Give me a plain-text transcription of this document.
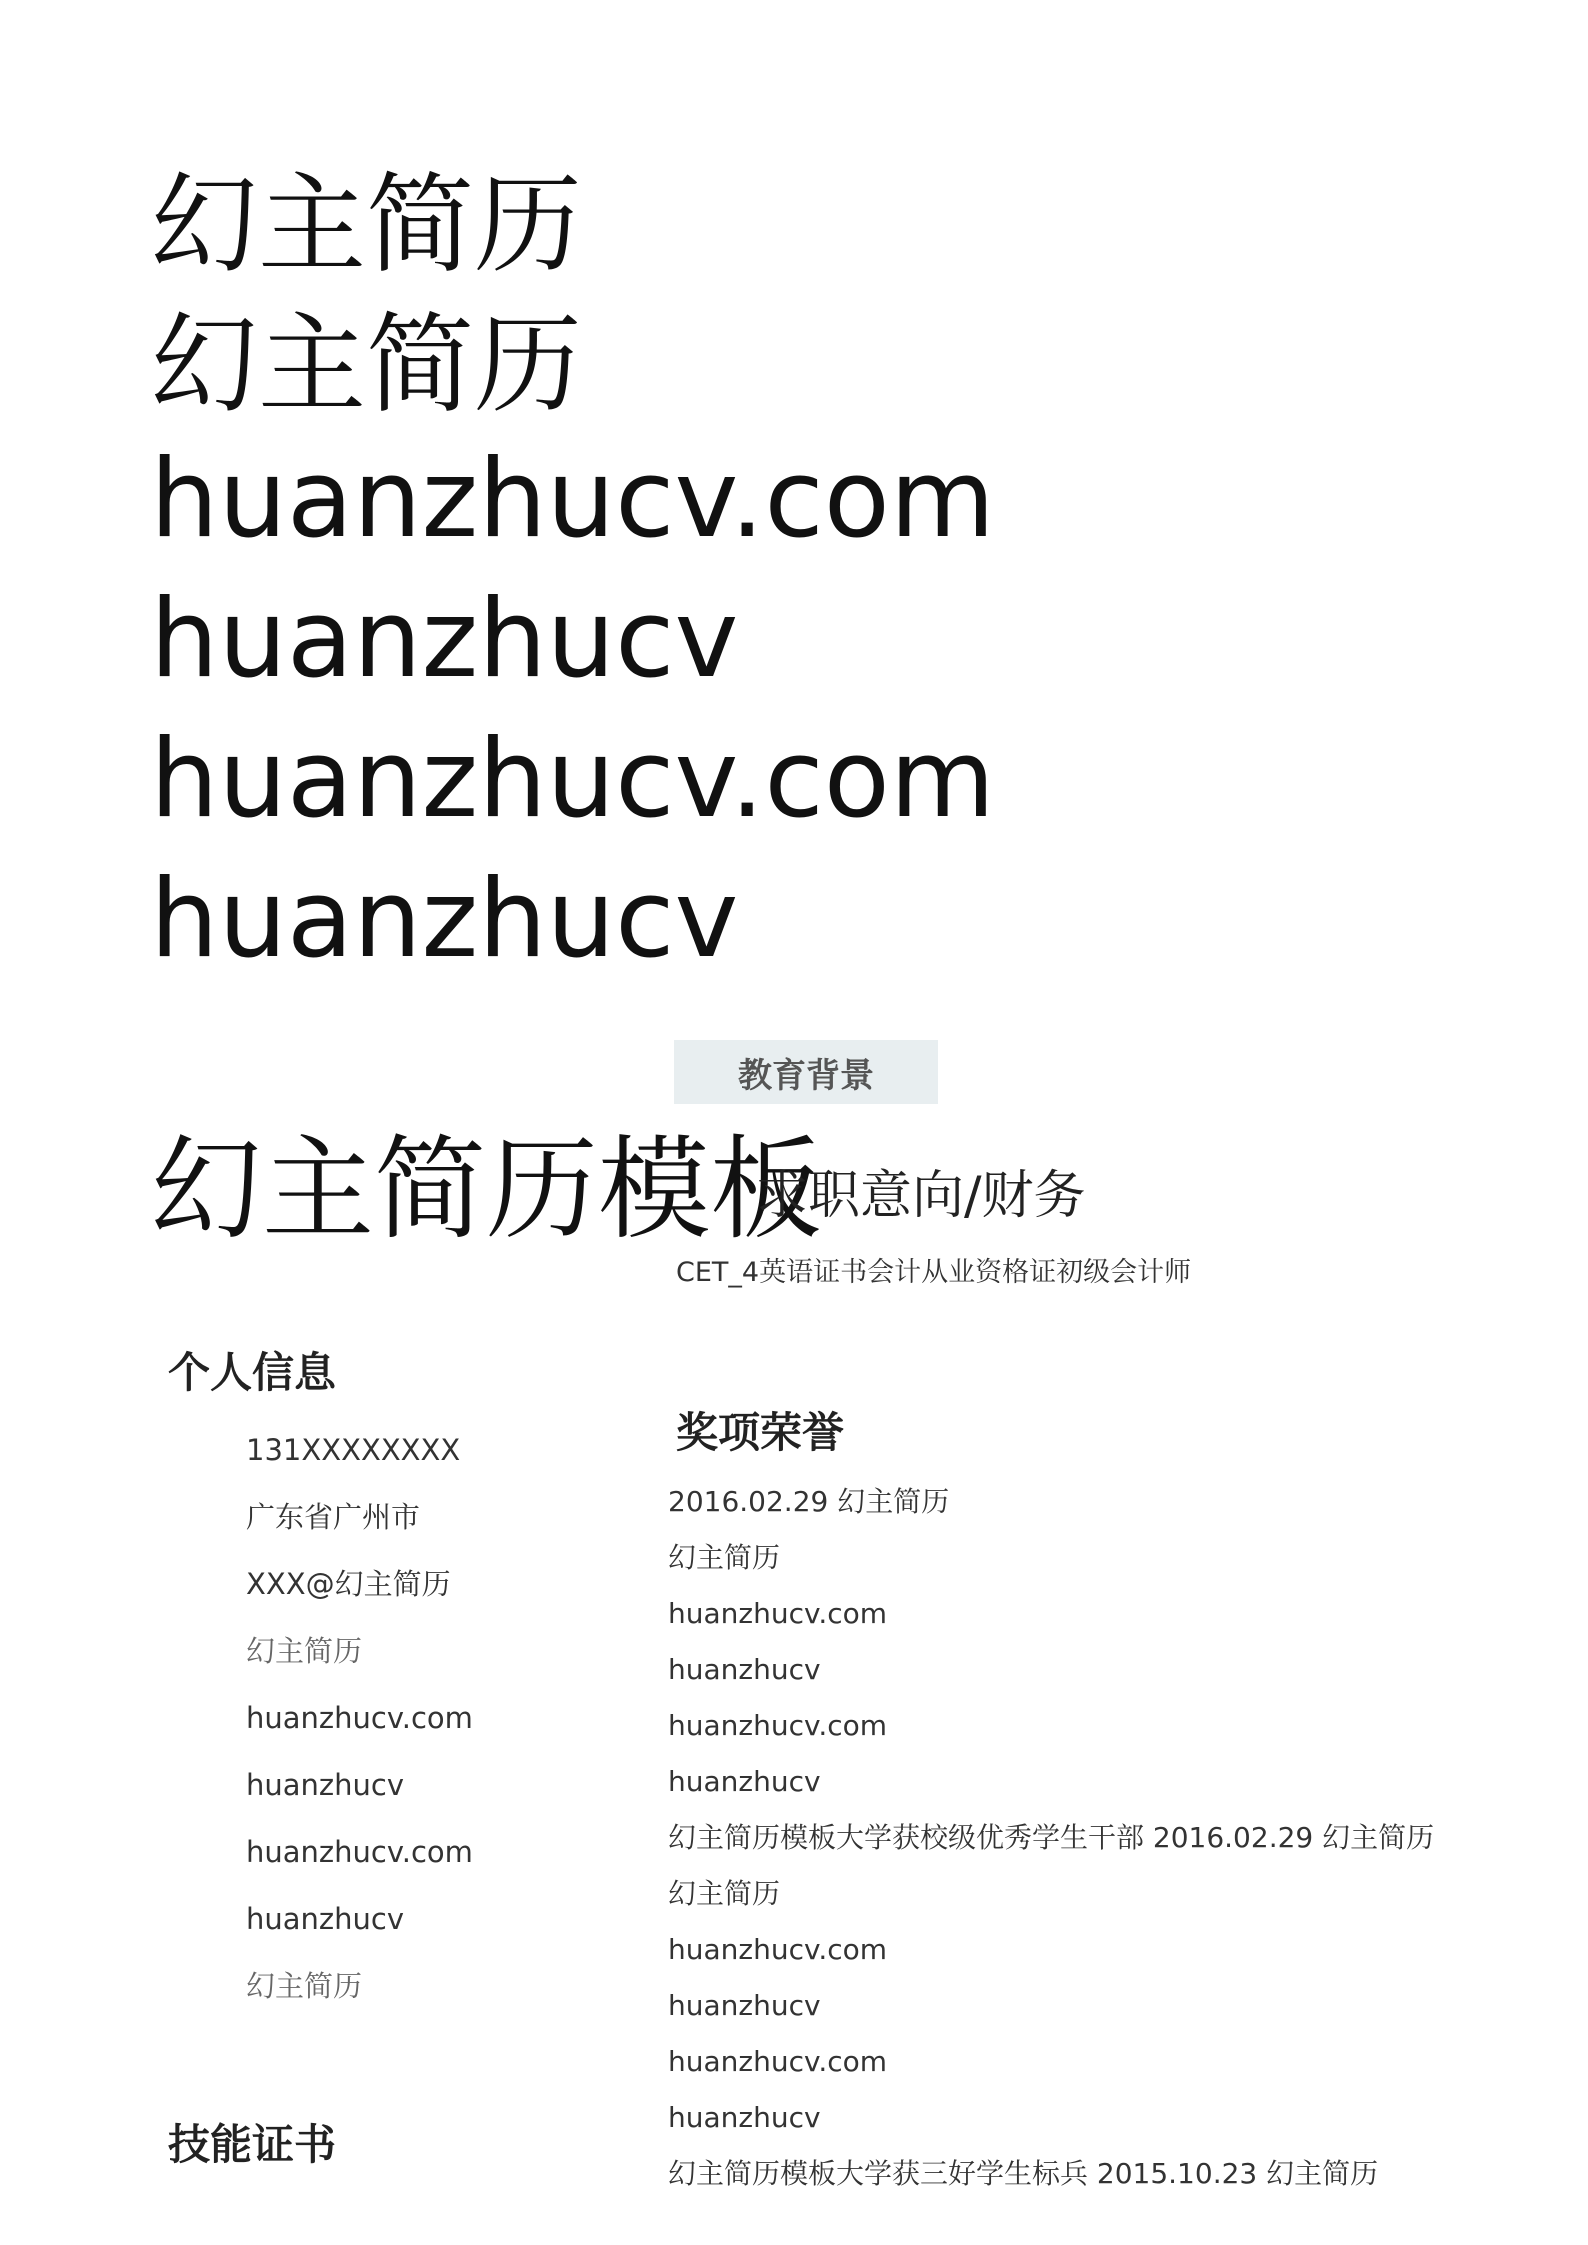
幻主简历
幻主简历
huanzhucv.com
huanzhucv
huanzhucv.com
huanzhucv
教育背景
幻主简历模板
求职意向/财务
CET_4英语证书会计从业资格证初级会计师
个人信息
131XXXXXXXX
广东省广州市
XXX@幻主简历
幻主简历
huanzhucv.com
huanzhucv
huanzhucv.com
huanzhucv
幻主简历
技能证书
奖项荣誉
2016.02.29 幻主简历
幻主简历
huanzhucv.com
huanzhucv
huanzhucv.com
huanzhucv
幻主简历模板大学获校级优秀学生干部 2016.02.29 幻主简历
幻主简历
huanzhucv.com
huanzhucv
huanzhucv.com
huanzhucv
幻主简历模板大学获三好学生标兵 2015.10.23 幻主简历
